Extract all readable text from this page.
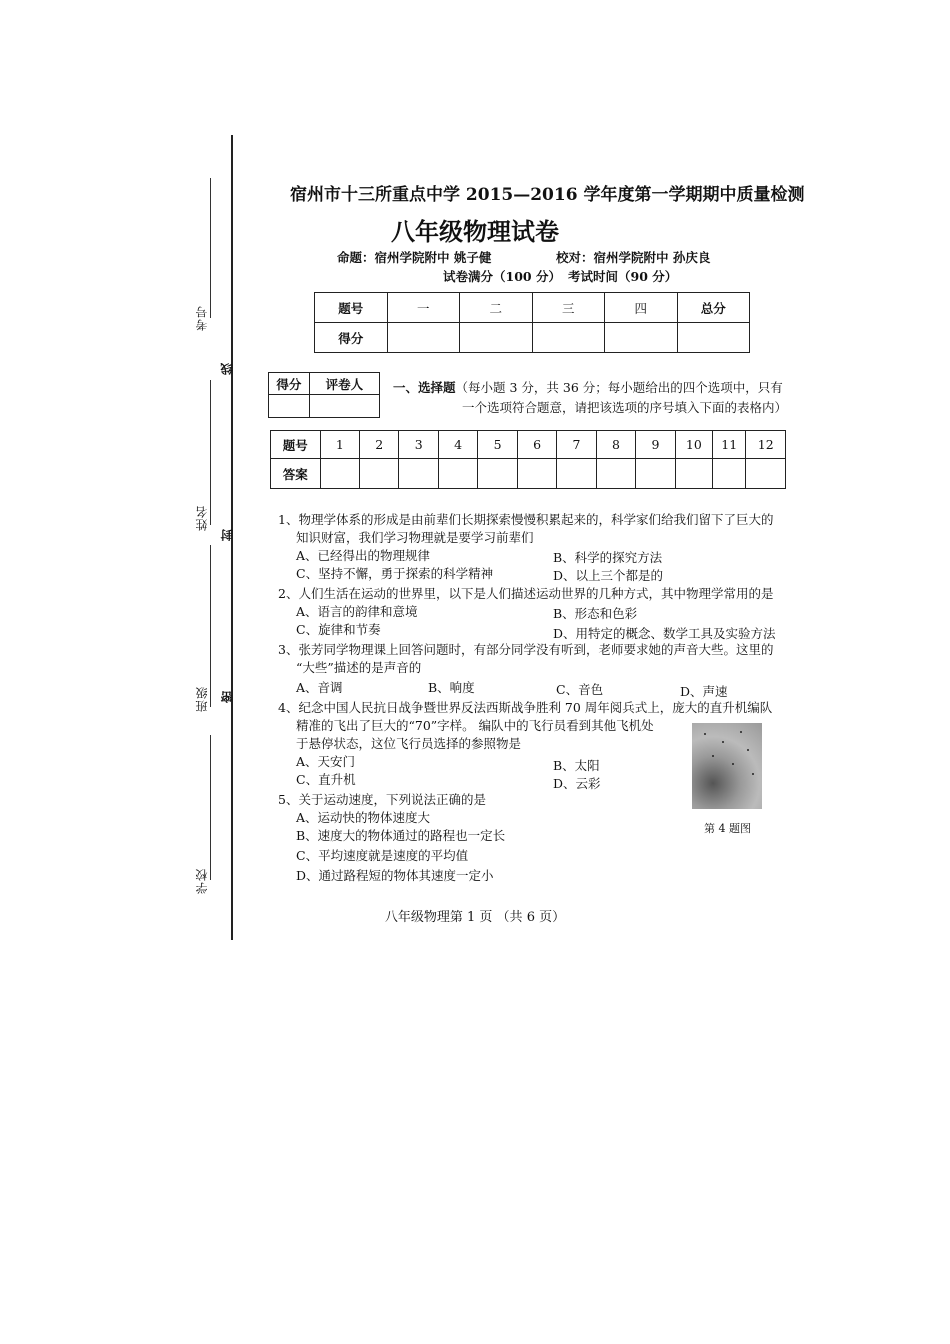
考号
线
姓名
封
班级 密
学校
宿州市十三所重点中学 2015—2016 学年度第一学期期中质量检测
八年级物理试卷
命题：宿州学院附中 姚子健	校对：宿州学院附中 孙庆良
试卷满分（100 分） 考试时间（90 分）
题号	一	二	三	四	总分
得分					
得分	评卷人
	一、选择题（每小题 3 分，共 36 分；每小题给出的四个选项中，只有
一个选项符合题意，请把该选项的序号填入下面的表格内）
题号	1	2	3	4	5	6	7	8	9	10	11	12
答案												
1、物理学体系的形成是由前辈们长期探索慢慢积累起来的，科学家们给我们留下了巨大的
知识财富，我们学习物理就是要学习前辈们
A、已经得出的物理规律	B、科学的探究方法
C、坚持不懈，勇于探索的科学精神	D、以上三个都是的
2、人们生活在运动的世界里，以下是人们描述运动世界的几种方式，其中物理学常用的是
A、语言的韵律和意境	B、形态和色彩
C、旋律和节奏	D、用特定的概念、数学工具及实验方法
3、张芳同学物理课上回答问题时，有部分同学没有听到，老师要求她的声音大些。这里的
“大些”描述的是声音的
A、音调	B、响度	C、音色	D、声速
4、纪念中国人民抗日战争暨世界反法西斯战争胜利 70 周年阅兵式上，庞大的直升机编队
精准的飞出了巨大的“70”字样。 编队中的飞行员看到其他飞机处
于悬停状态，这位飞行员选择的参照物是
A、天安门	B、太阳
C、直升机	D、云彩
第 4 题图
5、关于运动速度，下列说法正确的是
A、运动快的物体速度大
B、速度大的物体通过的路程也一定长
C、平均速度就是速度的平均值
D、通过路程短的物体其速度一定小
八年级物理第 1 页 （共 6 页）
